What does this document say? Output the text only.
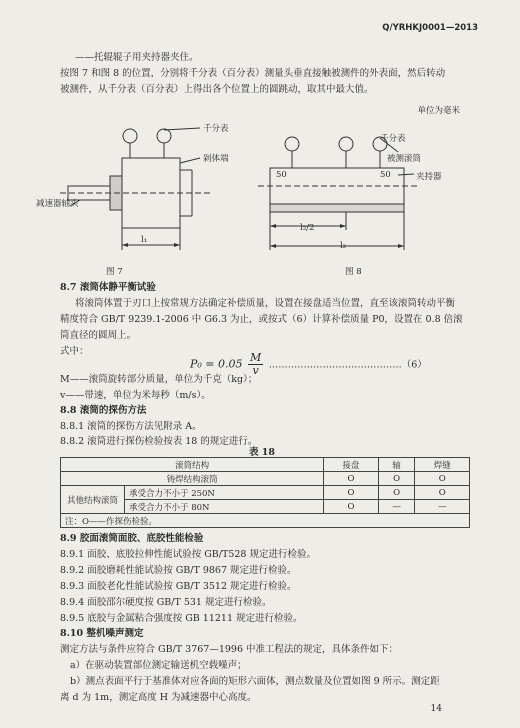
Q/YRHKJ0001—2013
——托辊辊子用夹持器夹住。
按图 7 和图 8 的位置，分别将千分表（百分表）测量头垂直接触被测件的外表面，然后转动
被测件，从千分表（百分表）上得出各个位置上的圆跳动，取其中最大值。
单位为毫米
千分表
剁体端
减速器轴头
l₁
图 7
千分表
被测滚筒
夹持器
50	50
l₂/2
l₂
图 8
8.7 滚筒体静平衡试验
将滚筒体置于刃口上按常规方法确定补偿质量，设置在接盘适当位置，直至该滚筒转动平衡
精度符合 GB/T 9239.1-2006 中 G6.3 为止，或按式（6）计算补偿质量 P0，设置在 0.8 倍滚
筒直径的圆周上。
式中：
$P_0 = 0.05 \frac{M}{v}$ ……………………………………（6）
M——滚筒旋转部分质量，单位为千克（kg）；
v——带速，单位为米每秒（m/s）。
8.8 滚筒的探伤方法
8.8.1 滚筒的探伤方法见附录 A。
8.8.2 滚筒进行探伤检验按表 18 的规定进行。
表 18
滚筒结构		接盘	轴	焊缝
铸焊结构滚筒		O	O	O
其他结构滚筒	承受合力不小于 250N	O	O	O
	承受合力不小于 80N	O	—	—
注：O——作探伤检验。				
8.9 胶面滚筒面胶、底胶性能检验
8.9.1 面胶、底胶拉伸性能试验按 GB/T528 规定进行检验。
8.9.2 面胶磨耗性能试验按 GB/T 9867 规定进行检验。
8.9.3 面胶老化性能试验按 GB/T 3512 规定进行检验。
8.9.4 面胶邵尔硬度按 GB/T 531 规定进行检验。
8.9.5 底胶与金属粘合强度按 GB 11211 规定进行检验。
8.10 整机噪声测定
测定方法与条件应符合 GB/T 3767—1996 中准工程法的规定，具体条件如下：
a）在驱动装置部位测定输送机空载噪声；
b）测点表面平行于基准体对应各面的矩形六面体，测点数量及位置如图 9 所示。测定距
离 d 为 1m，测定高度 H 为减速器中心高度。
14
